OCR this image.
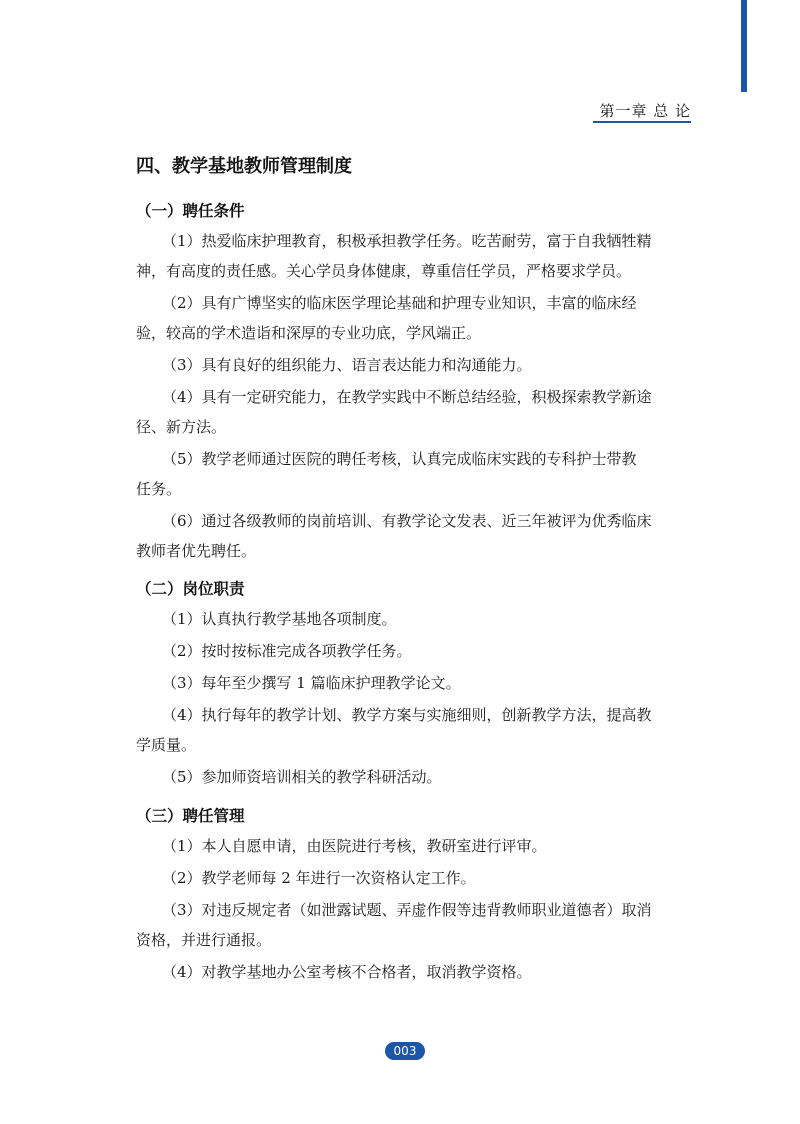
第一章 总 论
四、教学基地教师管理制度
（一）聘任条件
（1）热爱临床护理教育，积极承担教学任务。吃苦耐劳，富于自我牺牲精
神，有高度的责任感。关心学员身体健康，尊重信任学员，严格要求学员。
（2）具有广博坚实的临床医学理论基础和护理专业知识，丰富的临床经
验，较高的学术造诣和深厚的专业功底，学风端正。
（3）具有良好的组织能力、语言表达能力和沟通能力。
（4）具有一定研究能力，在教学实践中不断总结经验，积极探索教学新途
径、新方法。
（5）教学老师通过医院的聘任考核，认真完成临床实践的专科护士带教
任务。
（6）通过各级教师的岗前培训、有教学论文发表、近三年被评为优秀临床
教师者优先聘任。
（二）岗位职责
（1）认真执行教学基地各项制度。
（2）按时按标准完成各项教学任务。
（3）每年至少撰写 1 篇临床护理教学论文。
（4）执行每年的教学计划、教学方案与实施细则，创新教学方法，提高教
学质量。
（5）参加师资培训相关的教学科研活动。
（三）聘任管理
（1）本人自愿申请，由医院进行考核，教研室进行评审。
（2）教学老师每 2 年进行一次资格认定工作。
（3）对违反规定者（如泄露试题、弄虚作假等违背教师职业道德者）取消
资格，并进行通报。
（4）对教学基地办公室考核不合格者，取消教学资格。
003
